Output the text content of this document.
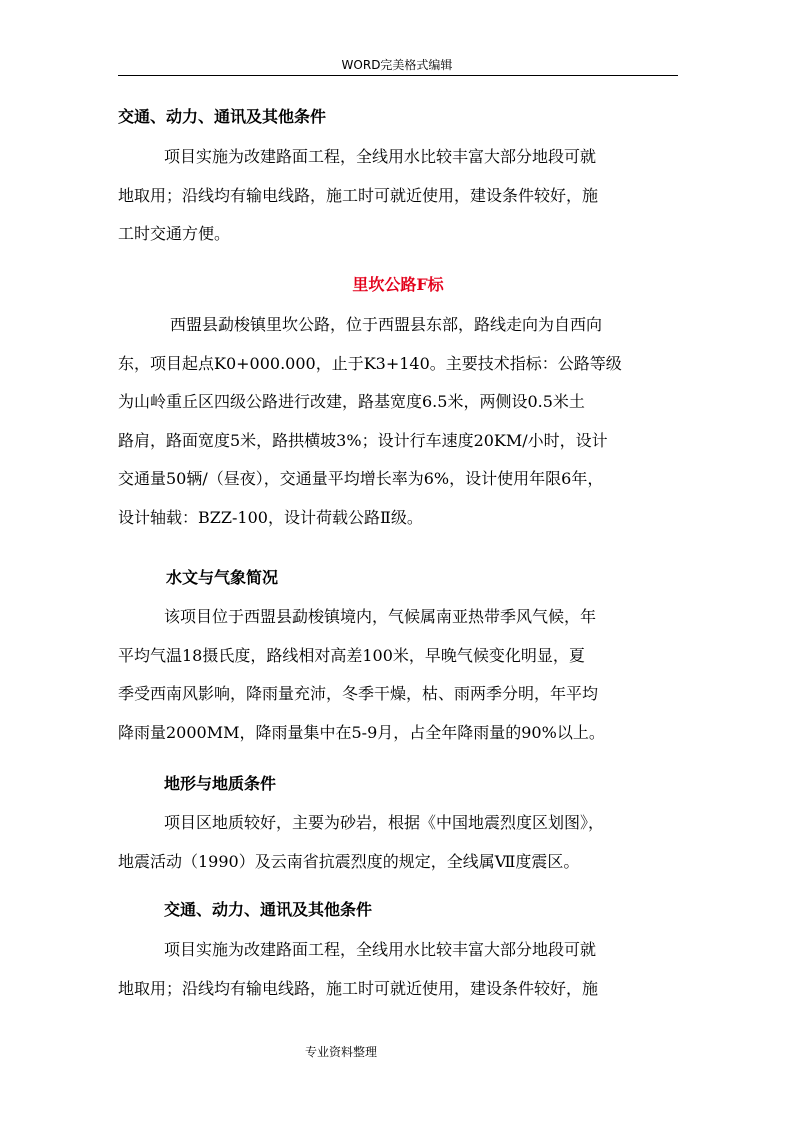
WORD完美格式编辑
交通、动力、通讯及其他条件
项目实施为改建路面工程，全线用水比较丰富大部分地段可就
地取用；沿线均有输电线路，施工时可就近使用，建设条件较好，施
工时交通方便。
里坎公路F标
西盟县勐梭镇里坎公路，位于西盟县东部，路线走向为自西向
东，项目起点K0+000.000，止于K3+140。主要技术指标：公路等级
为山岭重丘区四级公路进行改建，路基宽度6.5米，两侧设0.5米土
路肩，路面宽度5米，路拱横坡3%；设计行车速度20KM/小时，设计
交通量50辆/（昼夜），交通量平均增长率为6%，设计使用年限6年，
设计轴载：BZZ-100，设计荷载公路Ⅱ级。
水文与气象简况
该项目位于西盟县勐梭镇境内，气候属南亚热带季风气候，年
平均气温18摄氏度，路线相对高差100米，早晚气候变化明显，夏
季受西南风影响，降雨量充沛，冬季干燥，枯、雨两季分明，年平均
降雨量2000MM，降雨量集中在5-9月，占全年降雨量的90%以上。
地形与地质条件
项目区地质较好，主要为砂岩，根据《中国地震烈度区划图》，
地震活动（1990）及云南省抗震烈度的规定，全线属Ⅶ度震区。
交通、动力、通讯及其他条件
项目实施为改建路面工程，全线用水比较丰富大部分地段可就
地取用；沿线均有输电线路，施工时可就近使用，建设条件较好，施
专业资料整理
